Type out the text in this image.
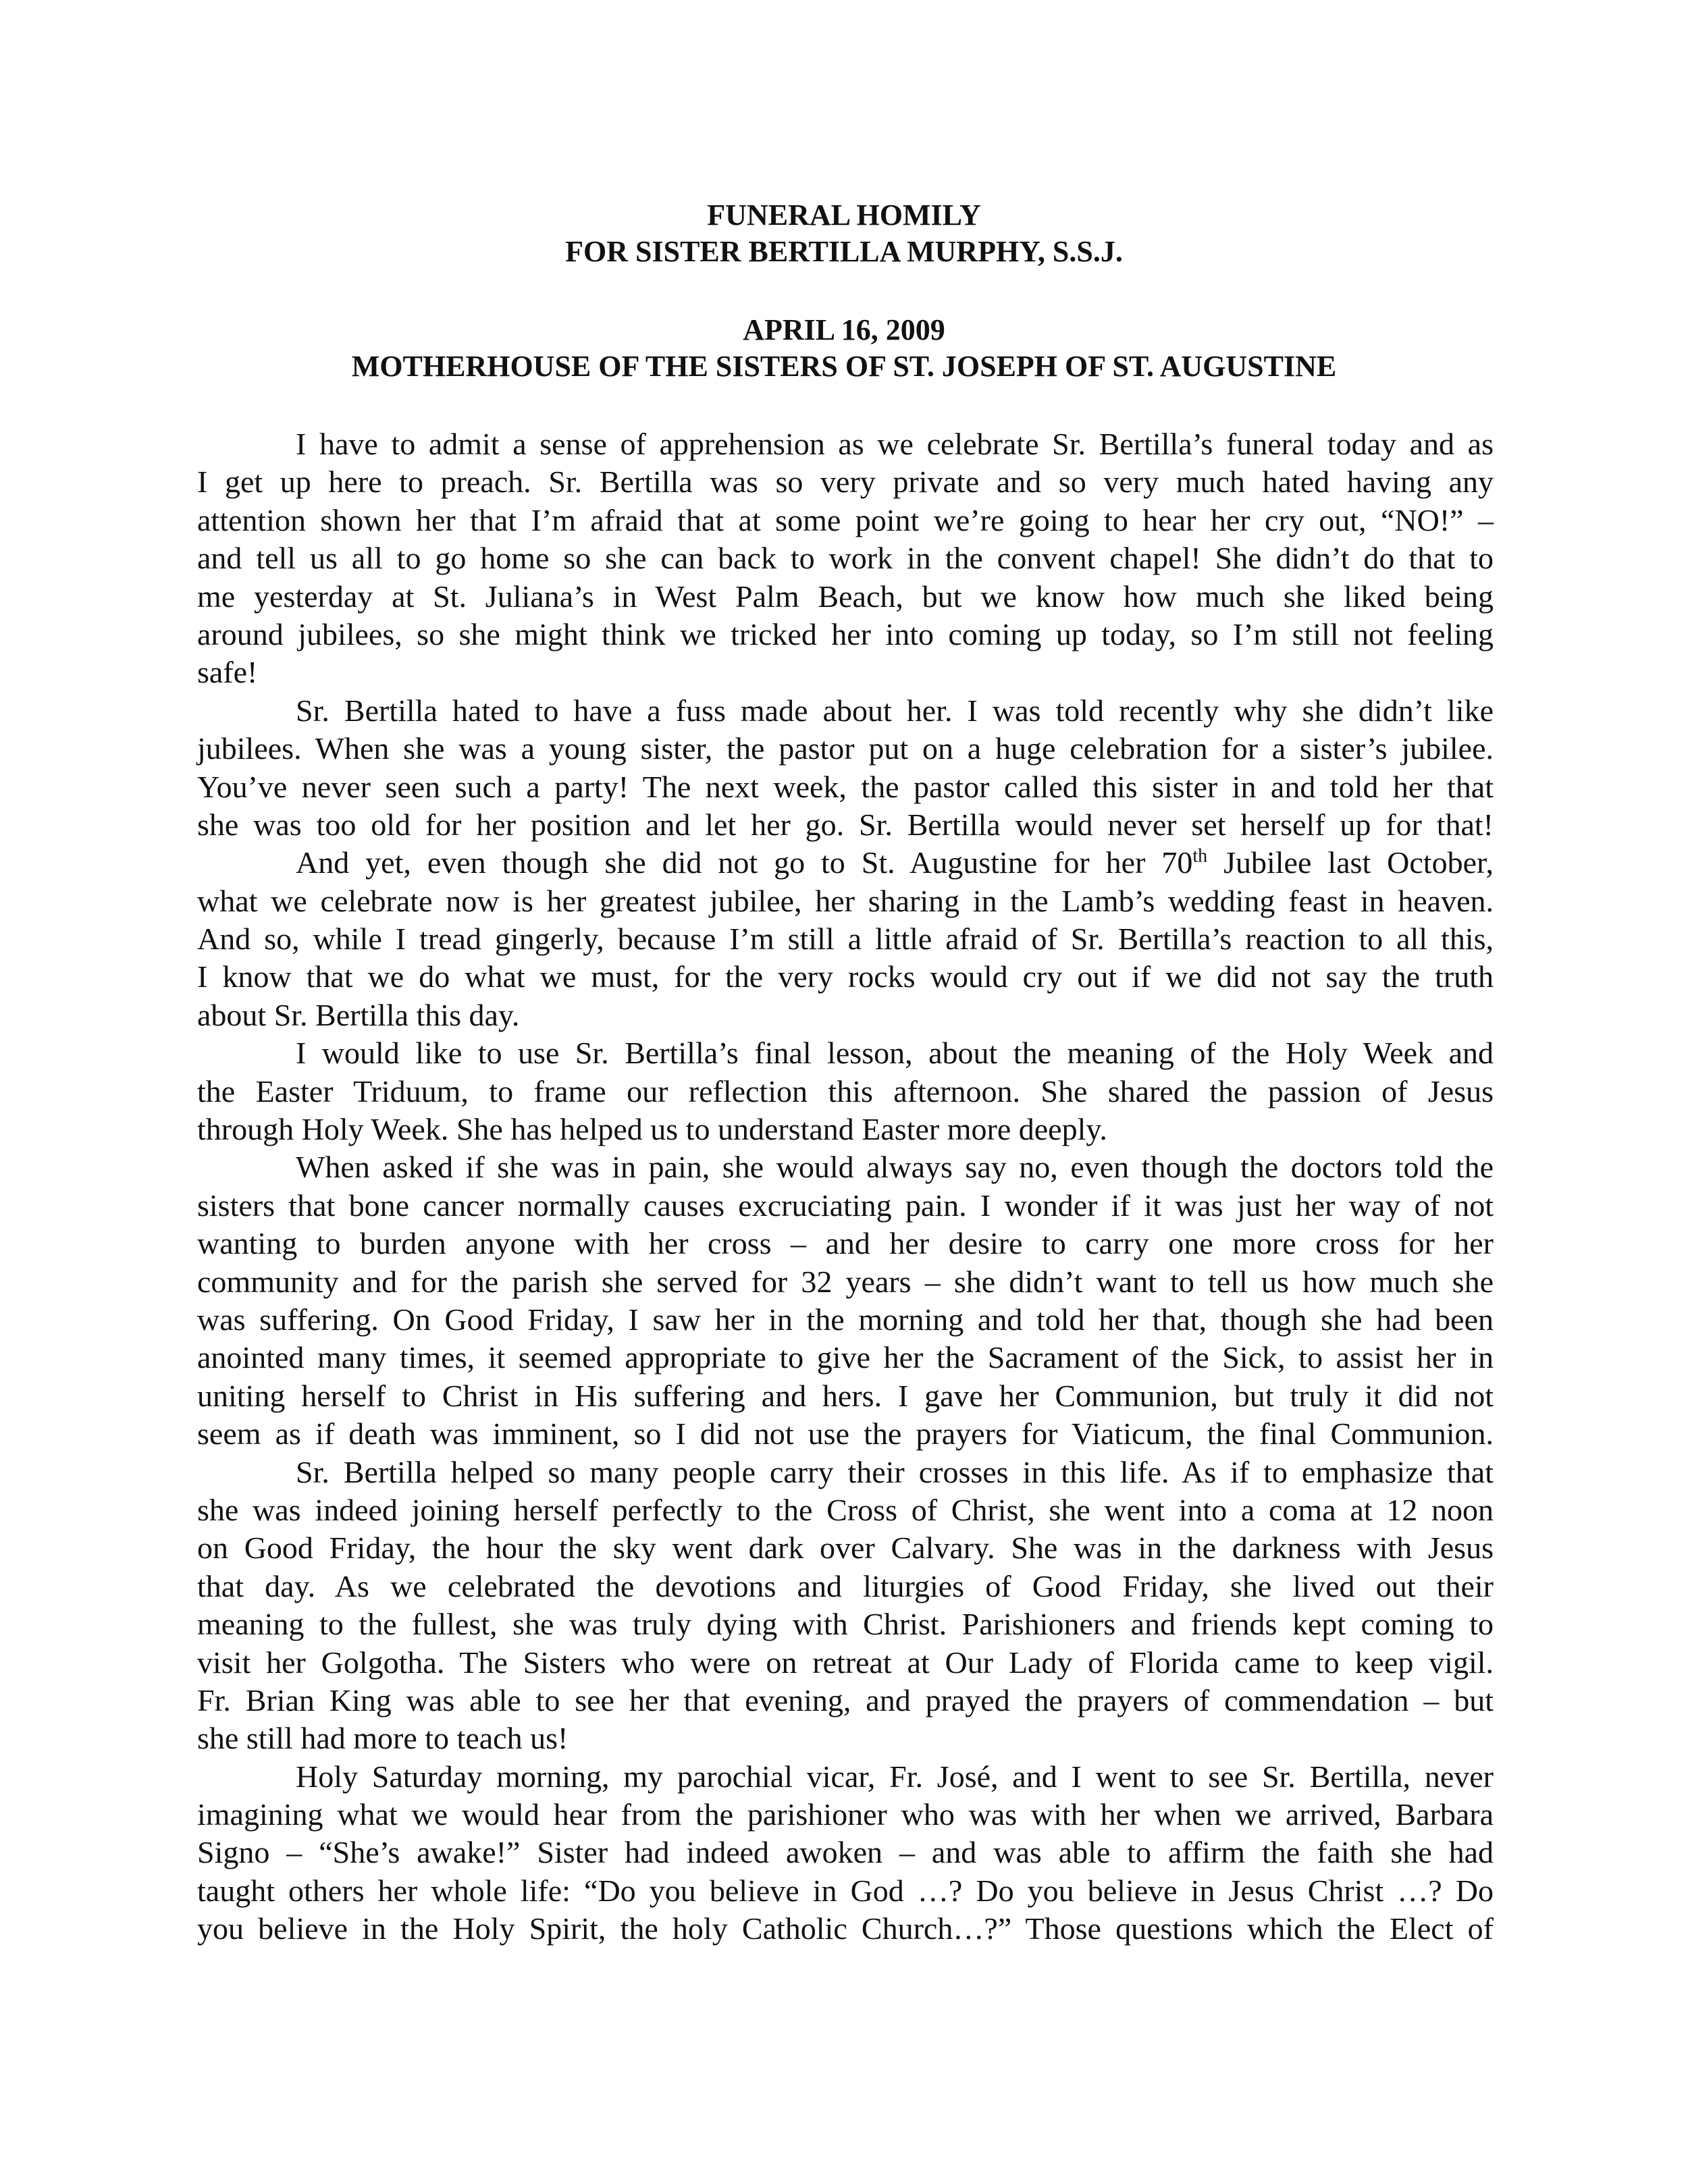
FUNERAL HOMILY
FOR SISTER BERTILLA MURPHY, S.S.J.
APRIL 16, 2009
MOTHERHOUSE OF THE SISTERS OF ST. JOSEPH OF ST. AUGUSTINE
I have to admit a sense of apprehension as we celebrate Sr. Bertilla’s funeral today and as
I get up here to preach. Sr. Bertilla was so very private and so very much hated having any
attention shown her that I’m afraid that at some point we’re going to hear her cry out, “NO!” –
and tell us all to go home so she can back to work in the convent chapel! She didn’t do that to
me yesterday at St. Juliana’s in West Palm Beach, but we know how much she liked being
around jubilees, so she might think we tricked her into coming up today, so I’m still not feeling
safe!
Sr. Bertilla hated to have a fuss made about her. I was told recently why she didn’t like
jubilees. When she was a young sister, the pastor put on a huge celebration for a sister’s jubilee.
You’ve never seen such a party! The next week, the pastor called this sister in and told her that
she was too old for her position and let her go. Sr. Bertilla would never set herself up for that!
And yet, even though she did not go to St. Augustine for her 70th Jubilee last October,
what we celebrate now is her greatest jubilee, her sharing in the Lamb’s wedding feast in heaven.
And so, while I tread gingerly, because I’m still a little afraid of Sr. Bertilla’s reaction to all this,
I know that we do what we must, for the very rocks would cry out if we did not say the truth
about Sr. Bertilla this day.
I would like to use Sr. Bertilla’s final lesson, about the meaning of the Holy Week and
the Easter Triduum, to frame our reflection this afternoon. She shared the passion of Jesus
through Holy Week. She has helped us to understand Easter more deeply.
When asked if she was in pain, she would always say no, even though the doctors told the
sisters that bone cancer normally causes excruciating pain. I wonder if it was just her way of not
wanting to burden anyone with her cross – and her desire to carry one more cross for her
community and for the parish she served for 32 years – she didn’t want to tell us how much she
was suffering. On Good Friday, I saw her in the morning and told her that, though she had been
anointed many times, it seemed appropriate to give her the Sacrament of the Sick, to assist her in
uniting herself to Christ in His suffering and hers. I gave her Communion, but truly it did not
seem as if death was imminent, so I did not use the prayers for Viaticum, the final Communion.
Sr. Bertilla helped so many people carry their crosses in this life. As if to emphasize that
she was indeed joining herself perfectly to the Cross of Christ, she went into a coma at 12 noon
on Good Friday, the hour the sky went dark over Calvary. She was in the darkness with Jesus
that day. As we celebrated the devotions and liturgies of Good Friday, she lived out their
meaning to the fullest, she was truly dying with Christ. Parishioners and friends kept coming to
visit her Golgotha. The Sisters who were on retreat at Our Lady of Florida came to keep vigil.
Fr. Brian King was able to see her that evening, and prayed the prayers of commendation – but
she still had more to teach us!
Holy Saturday morning, my parochial vicar, Fr. José, and I went to see Sr. Bertilla, never
imagining what we would hear from the parishioner who was with her when we arrived, Barbara
Signo – “She’s awake!” Sister had indeed awoken – and was able to affirm the faith she had
taught others her whole life: “Do you believe in God …? Do you believe in Jesus Christ …? Do
you believe in the Holy Spirit, the holy Catholic Church…?” Those questions which the Elect of
